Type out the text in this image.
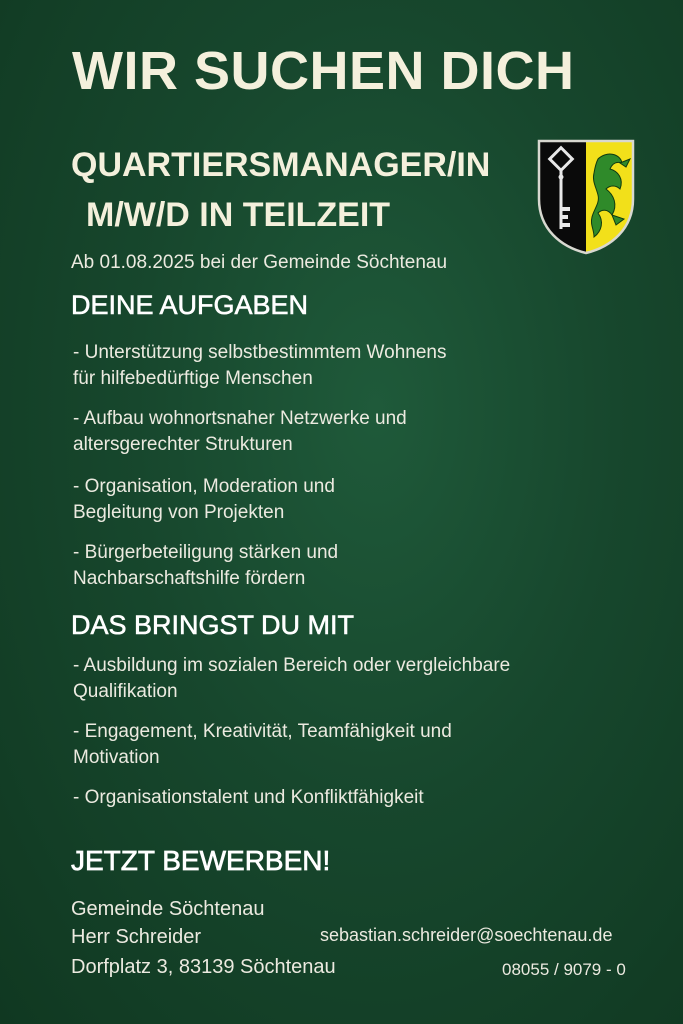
WIR SUCHEN DICH
QUARTIERSMANAGER/IN
M/W/D IN TEILZEIT
Ab 01.08.2025 bei der Gemeinde Söchtenau
DEINE AUFGABEN
- Unterstützung selbstbestimmtem Wohnens
für hilfebedürftige Menschen
- Aufbau wohnortsnaher Netzwerke und
altersgerechter Strukturen
- Organisation, Moderation und
Begleitung von Projekten
- Bürgerbeteiligung stärken und
Nachbarschaftshilfe fördern
DAS BRINGST DU MIT
- Ausbildung im sozialen Bereich oder vergleichbare
Qualifikation
- Engagement, Kreativität, Teamfähigkeit und
Motivation
- Organisationstalent und Konfliktfähigkeit
JETZT BEWERBEN!
Gemeinde Söchtenau
Herr Schreider
Dorfplatz 3, 83139 Söchtenau
sebastian.schreider@soechtenau.de
08055 / 9079 - 0
